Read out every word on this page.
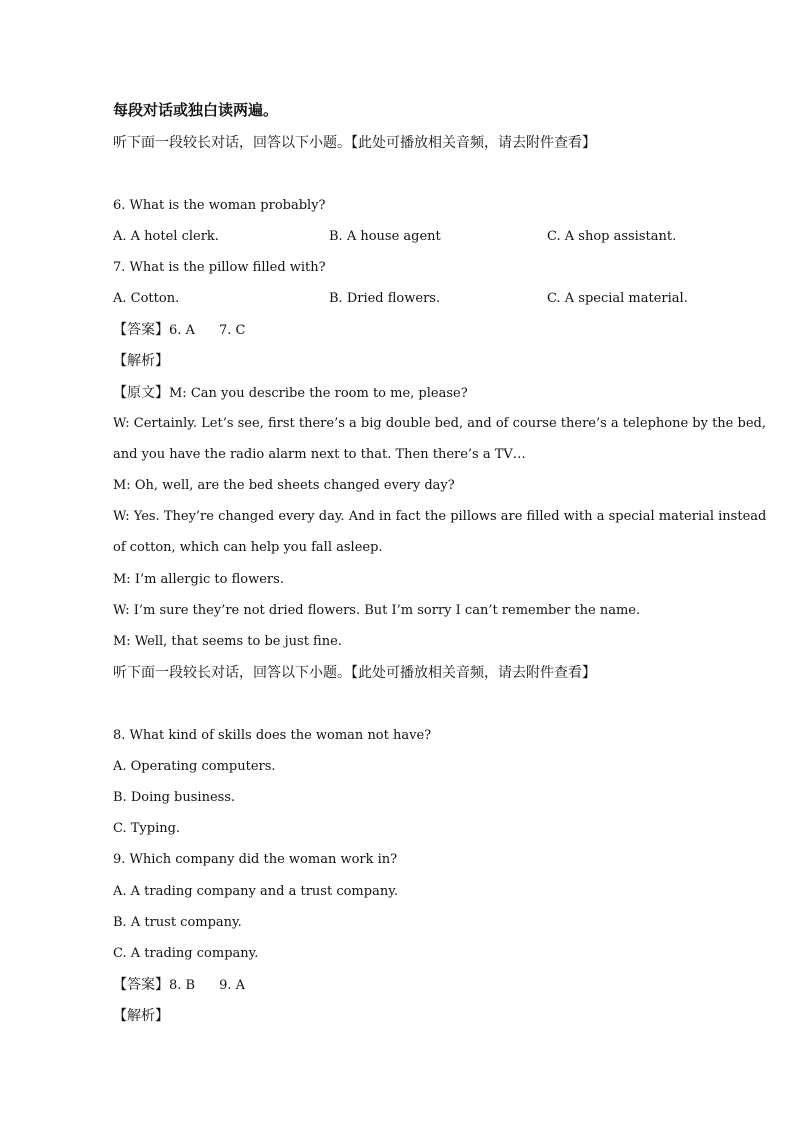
每段对话或独白读两遍。
听下面一段较长对话，回答以下小题。【此处可播放相关音频，请去附件查看】
6. What is the woman probably?
A. A hotel clerk.	B. A house agent	C. A shop assistant.
7. What is the pillow filled with?
A. Cotton.	B. Dried flowers.	C. A special material.
【答案】6. A 7. C
【解析】
【原文】M: Can you describe the room to me, please?
W: Certainly. Let’s see, first there’s a big double bed, and of course there’s a telephone by the bed,
and you have the radio alarm next to that. Then there’s a TV…
M: Oh, well, are the bed sheets changed every day?
W: Yes. They’re changed every day. And in fact the pillows are filled with a special material instead
of cotton, which can help you fall asleep.
M: I’m allergic to flowers.
W: I’m sure they’re not dried flowers. But I’m sorry I can’t remember the name.
M: Well, that seems to be just fine.
听下面一段较长对话，回答以下小题。【此处可播放相关音频，请去附件查看】
8. What kind of skills does the woman not have?
A. Operating computers.
B. Doing business.
C. Typing.
9. Which company did the woman work in?
A. A trading company and a trust company.
B. A trust company.
C. A trading company.
【答案】8. B 9. A
【解析】
